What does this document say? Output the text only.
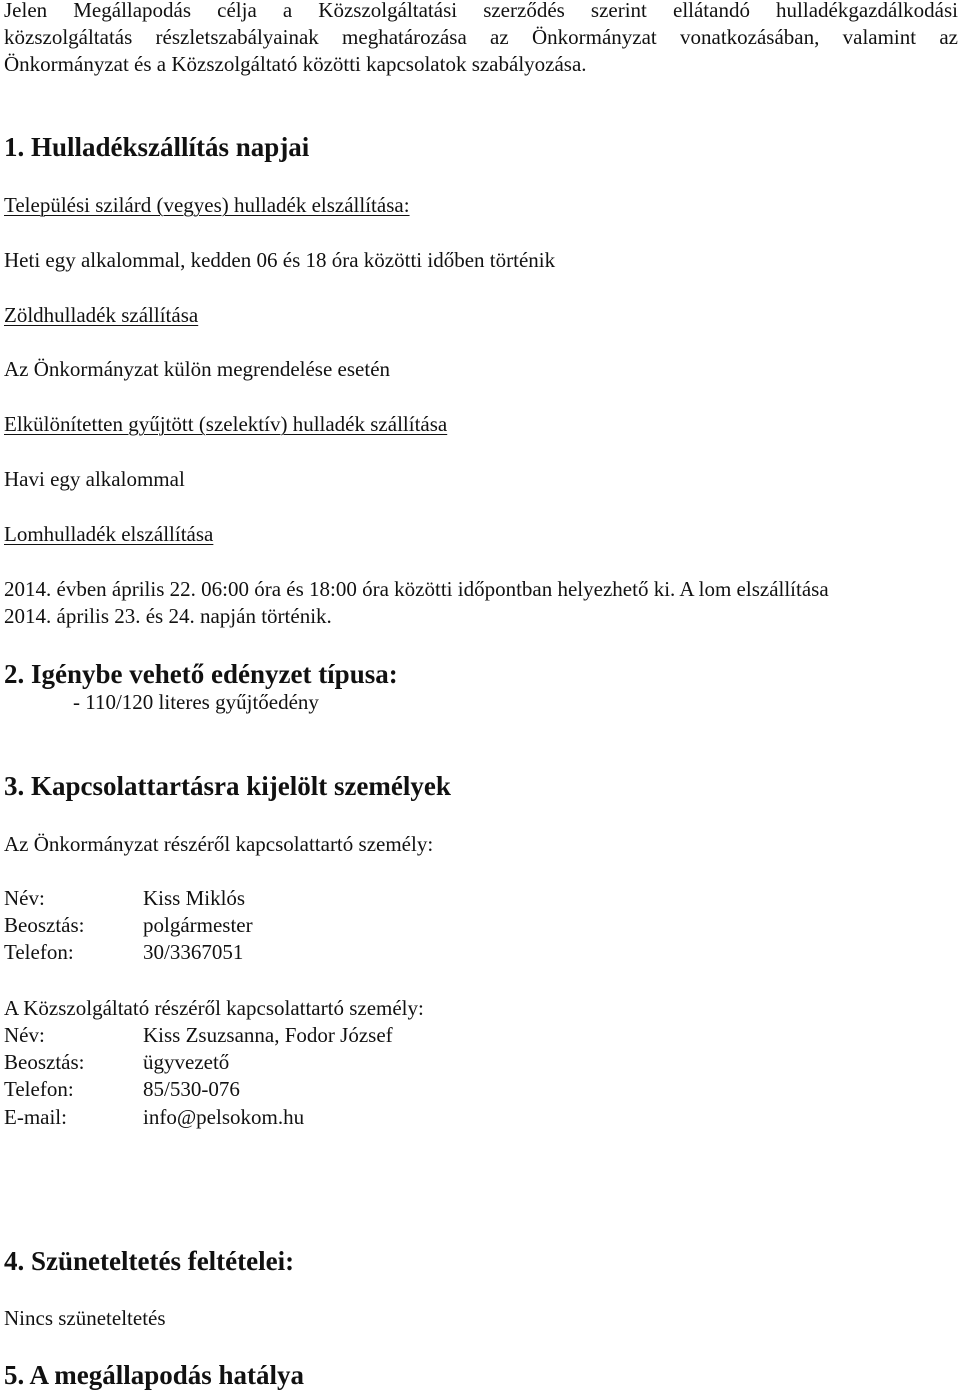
Jelen Megállapodás célja a Közszolgáltatási szerződés szerint ellátandó hulladékgazdálkodási
közszolgáltatás részletszabályainak meghatározása az Önkormányzat vonatkozásában, valamint az
Önkormányzat és a Közszolgáltató közötti kapcsolatok szabályozása.
1. Hulladékszállítás napjai
Települési szilárd (vegyes) hulladék elszállítása:
Heti egy alkalommal, kedden 06 és 18 óra közötti időben történik
Zöldhulladék szállítása
Az Önkormányzat külön megrendelése esetén
Elkülönítetten gyűjtött (szelektív) hulladék szállítása
Havi egy alkalommal
Lomhulladék elszállítása
2014. évben április 22. 06:00 óra és 18:00 óra közötti időpontban helyezhető ki. A lom elszállítása
2014. április 23. és 24. napján történik.
2. Igénybe vehető edényzet típusa:
- 110/120 literes gyűjtőedény
3. Kapcsolattartásra kijelölt személyek
Az Önkormányzat részéről kapcsolattartó személy:
Név:	Kiss Miklós
Beosztás:	polgármester
Telefon:	30/3367051
A Közszolgáltató részéről kapcsolattartó személy:
Név:	Kiss Zsuzsanna, Fodor József
Beosztás:	ügyvezető
Telefon:	85/530-076
E-mail:	info@pelsokom.hu
4. Szüneteltetés feltételei:
Nincs szüneteltetés
5. A megállapodás hatálya
